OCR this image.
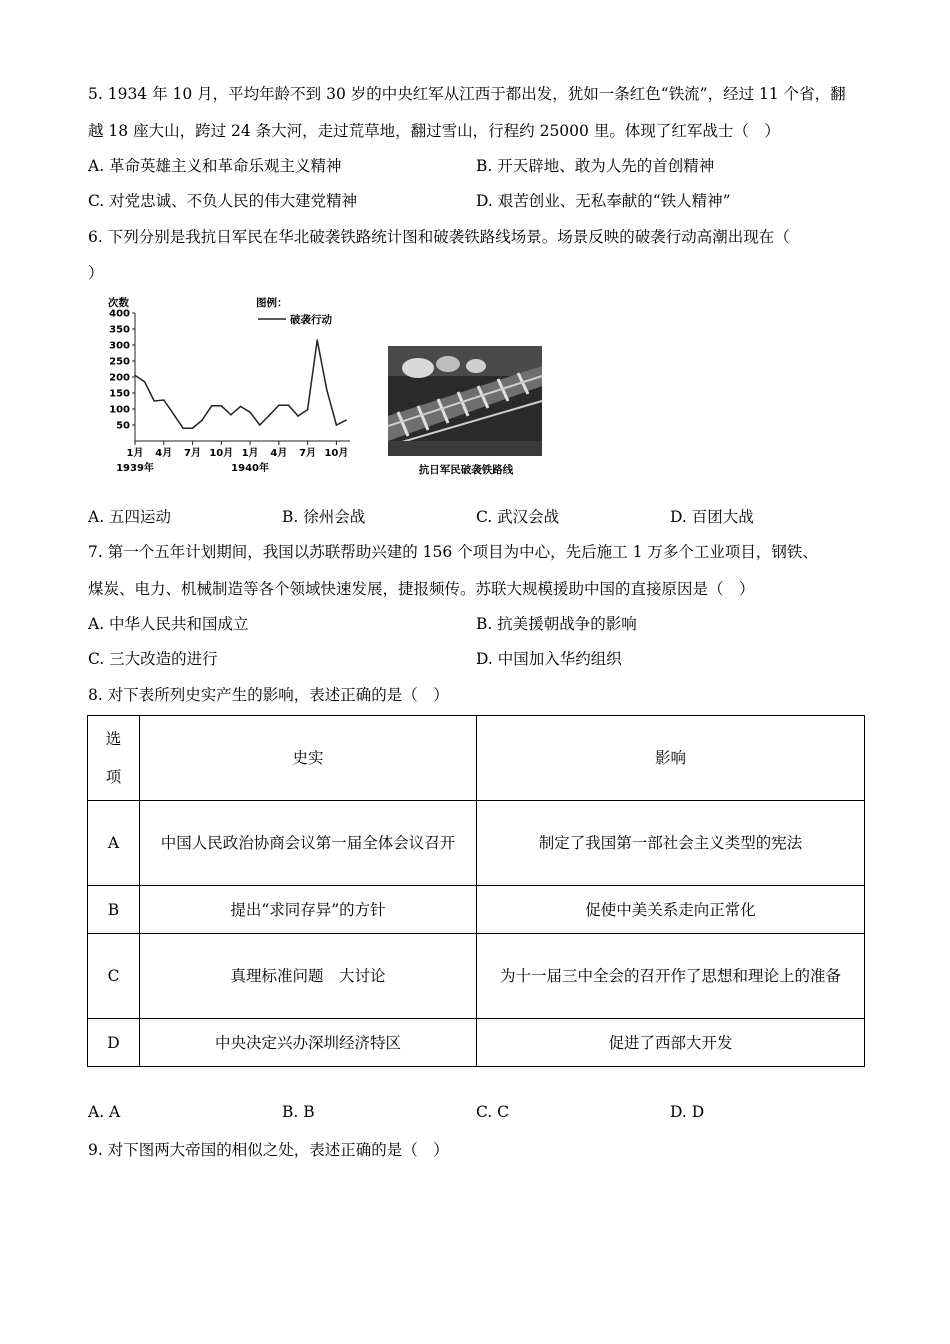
5. 1934 年 10 月，平均年龄不到 30 岁的中央红军从江西于都出发，犹如一条红色“铁流”，经过 11 个省，翻
越 18 座大山，跨过 24 条大河，走过荒草地，翻过雪山，行程约 25000 里。体现了红军战士（　）
A. 革命英雄主义和革命乐观主义精神	B. 开天辟地、敢为人先的首创精神
C. 对党忠诚、不负人民的伟大建党精神	D. 艰苦创业、无私奉献的“铁人精神”
6. 下列分别是我抗日军民在华北破袭铁路统计图和破袭铁路线场景。场景反映的破袭行动高潮出现在（
）
次数	图例：
破袭行动
50
100
150
200
250
300
350
400
1月 4月 7月 10月 1月 4月 7月 10月
1939年	1940年	抗日军民破袭铁路线
A. 五四运动	B. 徐州会战	C. 武汉会战	D. 百团大战
7. 第一个五年计划期间，我国以苏联帮助兴建的 156 个项目为中心，先后施工 1 万多个工业项目，钢铁、
煤炭、电力、机械制造等各个领域快速发展，捷报频传。苏联大规模援助中国的直接原因是（　）
A. 中华人民共和国成立	B. 抗美援朝战争的影响
C. 三大改造的进行	D. 中国加入华约组织
8. 对下表所列史实产生的影响，表述正确的是（　）
选
项	史实	影响
A	中国人民政治协商会议第一届全体会议召开	制定了我国第一部社会主义类型的宪法
B	提出“求同存异”的方针	促使中美关系走向正常化
C	真理标准问题　大讨论	为十一届三中全会的召开作了思想和理论上的准备
D	中央决定兴办深圳经济特区	促进了西部大开发
A. A	B. B	C. C	D. D
9. 对下图两大帝国的相似之处，表述正确的是（　）
